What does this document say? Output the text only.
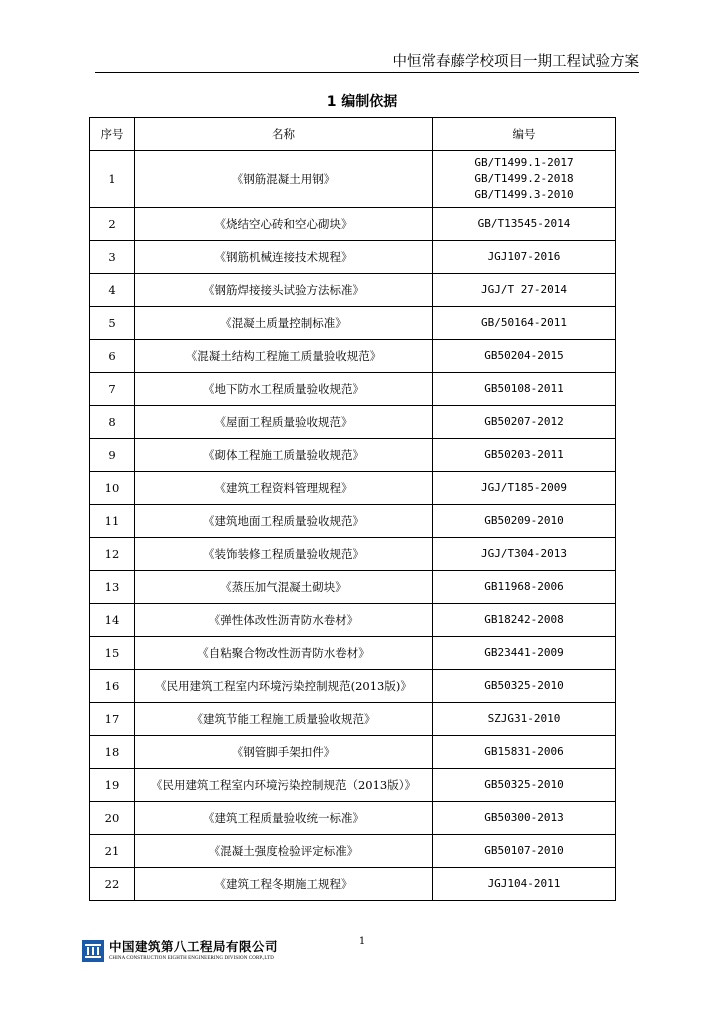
中恒常春藤学校项目一期工程试验方案
1 编制依据
序号	名称	编号
1	《钢筋混凝土用钢》	GB/T1499.1-2017
GB/T1499.2-2018
GB/T1499.3-2010

2	《烧结空心砖和空心砌块》	GB/T13545-2014

3	《钢筋机械连接技术规程》	JGJ107-2016

4	《钢筋焊接接头试验方法标准》	JGJ/T 27-2014

5	《混凝土质量控制标准》	GB/50164-2011

6	《混凝土结构工程施工质量验收规范》	GB50204-2015

7	《地下防水工程质量验收规范》	GB50108-2011

8	《屋面工程质量验收规范》	GB50207-2012

9	《砌体工程施工质量验收规范》	GB50203-2011

10	《建筑工程资料管理规程》	JGJ/T185-2009

11	《建筑地面工程质量验收规范》	GB50209-2010

12	《装饰装修工程质量验收规范》	JGJ/T304-2013

13	《蒸压加气混凝土砌块》	GB11968-2006

14	《弹性体改性沥青防水卷材》	GB18242-2008

15	《自粘聚合物改性沥青防水卷材》	GB23441-2009

16	《民用建筑工程室内环境污染控制规范(2013版)》	GB50325-2010

17	《建筑节能工程施工质量验收规范》	SZJG31-2010

18	《钢管脚手架扣件》	GB15831-2006

19	《民用建筑工程室内环境污染控制规范（2013版）》	GB50325-2010

20	《建筑工程质量验收统一标准》	GB50300-2013

21	《混凝土强度检验评定标准》	GB50107-2010

22	《建筑工程冬期施工规程》	JGJ104-2011
1
中国建筑第八工程局有限公司
CHINA CONSTRUCTION EIGHTH ENGINEERING DIVISION CORP.,LTD
